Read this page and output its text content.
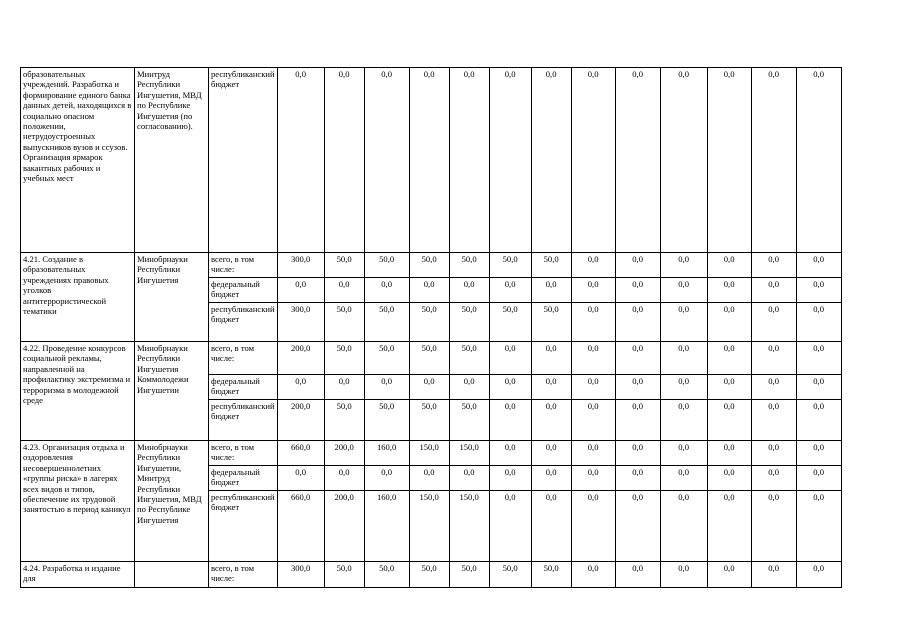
образовательных учреждений. Разработка и формирование единого банка данных детей, находящихся в социально опасном положении, нетрудоустроенных выпускников вузов и ссузов. Организация ярмарок вакантных рабочих и учебных мест	Минтруд Республики Ингушетия, МВД по Республике Ингушетия (по согласованию).	республиканский бюджет	0,0	0,0	0,0	0,0	0,0	0,0	0,0	0,0	0,0	0,0	0,0	0,0	0,0
4.21. Создание в образовательных учреждениях правовых уголков антитеррористической тематики	Минобрнауки Республики Ингушетия	всего, в том числе:	300,0	50,0	50,0	50,0	50,0	50,0	50,0	0,0	0,0	0,0	0,0	0,0	0,0
		федеральный бюджет	0,0	0,0	0,0	0,0	0,0	0,0	0,0	0,0	0,0	0,0	0,0	0,0	0,0
		республиканский бюджет	300,0	50,0	50,0	50,0	50,0	50,0	50,0	0,0	0,0	0,0	0,0	0,0	0,0
4.22. Проведение конкурсов социальной рекламы, направленной на профилактику экстремизма и терроризма в молодежной среде	Минобрнауки Республики Ингушетия Коммолодежи Ингушетии	всего, в том числе:	200,0	50,0	50,0	50,0	50,0	0,0	0,0	0,0	0,0	0,0	0,0	0,0	0,0
		федеральный бюджет	0,0	0,0	0,0	0,0	0,0	0,0	0,0	0,0	0,0	0,0	0,0	0,0	0,0
		республиканский бюджет	200,0	50,0	50,0	50,0	50,0	0,0	0,0	0,0	0,0	0,0	0,0	0,0	0,0
4.23. Организация отдыха и оздоровления несовершеннолетних «группы риска» в лагерях всех видов и типов, обеспечение их трудовой занятостью в период каникул	Минобрнауки Республики Ингушетии, Минтруд Республики Ингушетия, МВД по Республике Ингушетия	всего, в том числе:	660,0	200,0	160,0	150,0	150,0	0,0	0,0	0,0	0,0	0,0	0,0	0,0	0,0
		федеральный бюджет	0,0	0,0	0,0	0,0	0,0	0,0	0,0	0,0	0,0	0,0	0,0	0,0	0,0
		республиканский бюджет	660,0	200,0	160,0	150,0	150,0	0,0	0,0	0,0	0,0	0,0	0,0	0,0	0,0
4.24. Разработка и издание для		всего, в том числе:	300,0	50,0	50,0	50,0	50,0	50,0	50,0	0,0	0,0	0,0	0,0	0,0	0,0
